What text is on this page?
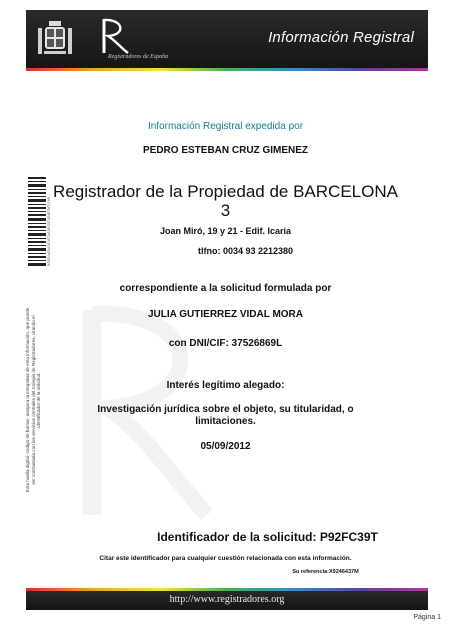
Registradores de España
Información Registral
9A9A3A6A0C6C0A0F03706BF8F0766
Esta huella digital -código de barras- asegura la integridad de esta información, que puede ser contrastada con los servicios centrales del Colegio de Registradores, citando el identificador de la solicitud.
Información Registral expedida por
PEDRO ESTEBAN CRUZ GIMENEZ
Registrador de la Propiedad de BARCELONA
3
Joan Miró, 19 y 21 - Edif. Icaria
tlfno: 0034 93 2212380
correspondiente a la solicitud formulada por
JULIA GUTIERREZ VIDAL MORA
con DNI/CIF: 37526869L
Interés legítimo alegado:
Investigación jurídica sobre el objeto, su titularidad, o
limitaciones.
05/09/2012
Identificador de la solicitud: P92FC39T
Citar este identificador para cualquier cuestión relacionada con esta información.
Su referencia:X9246437M
http://www.registradores.org
Página 1
